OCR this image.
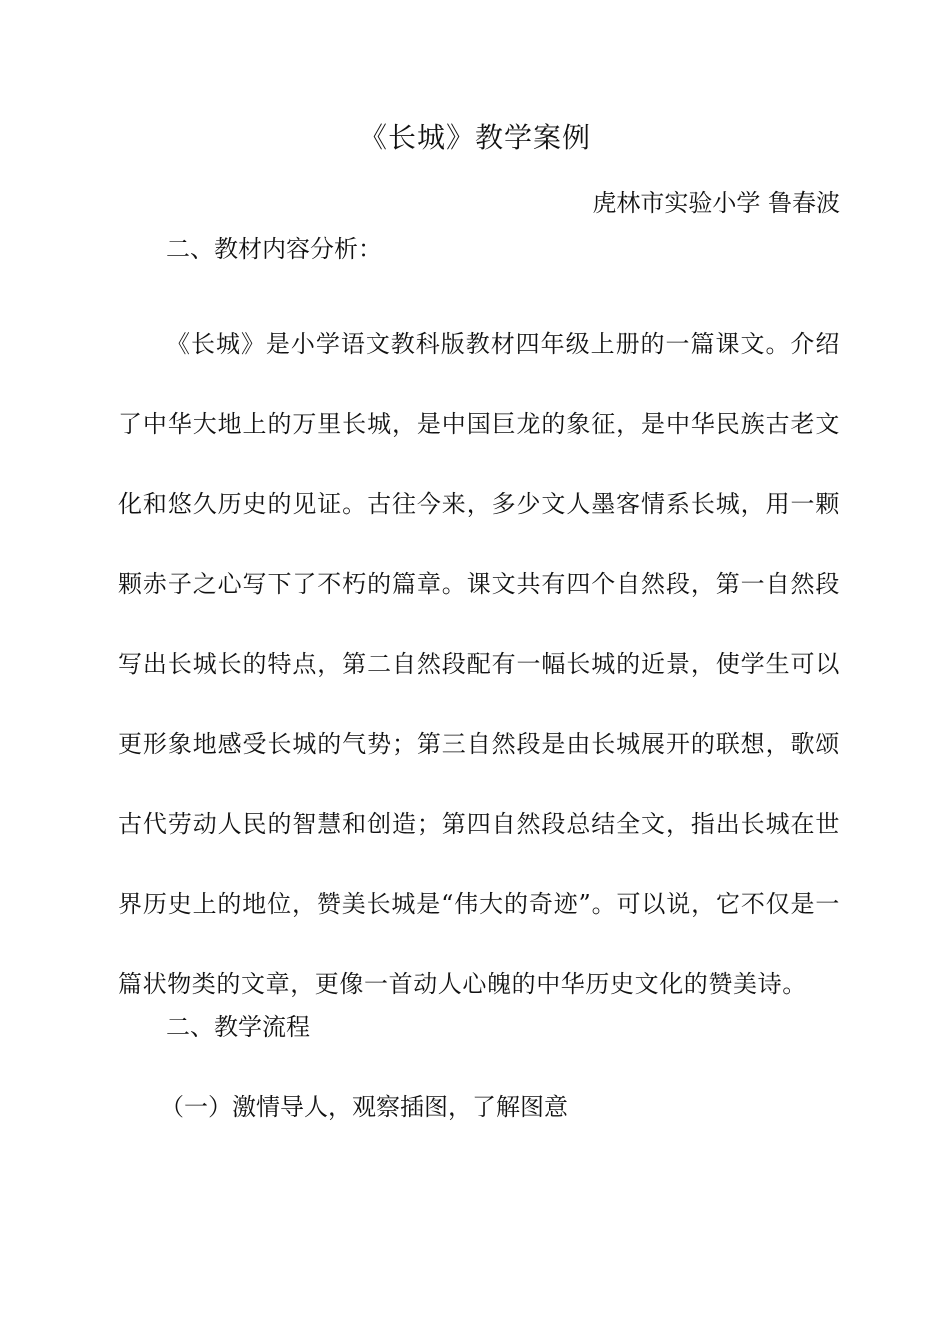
《长城》教学案例
虎林市实验小学 鲁春波
二、教材内容分析：

《长城》是小学语文教科版教材四年级上册的一篇课文。介绍了中华大地上的万里长城，是中国巨龙的象征，是中华民族古老文化和悠久历史的见证。古往今来，多少文人墨客情系长城，用一颗颗赤子之心写下了不朽的篇章。课文共有四个自然段，第一自然段写出长城长的特点，第二自然段配有一幅长城的近景，使学生可以更形象地感受长城的气势；第三自然段是由长城展开的联想，歌颂古代劳动人民的智慧和创造；第四自然段总结全文，指出长城在世界历史上的地位，赞美长城是“伟大的奇迹”。可以说，它不仅是一篇状物类的文章，更像一首动人心魄的中华历史文化的赞美诗。

二、教学流程
（一）激情导人，观察插图，了解图意
